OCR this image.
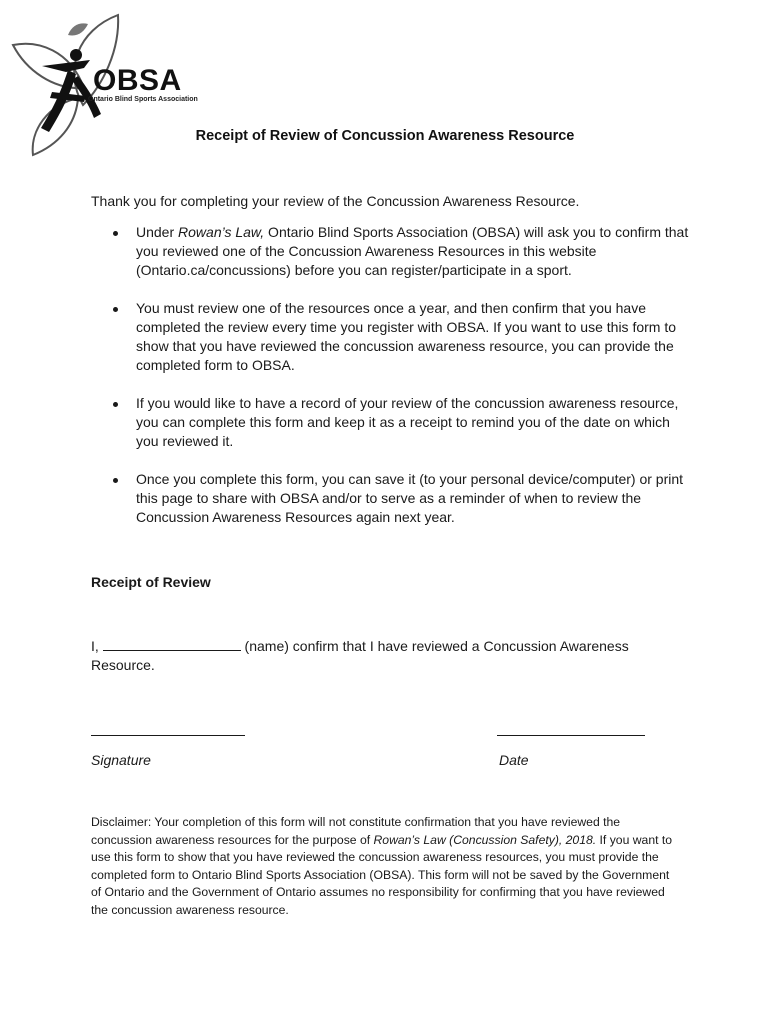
OBSA
Ontario Blind Sports Association
Receipt of Review of Concussion Awareness Resource
Thank you for completing your review of the Concussion Awareness Resource.
Under Rowan’s Law, Ontario Blind Sports Association (OBSA) will ask you to confirm that you reviewed one of the Concussion Awareness Resources in this website (Ontario.ca/concussions) before you can register/participate in a sport.
You must review one of the resources once a year, and then confirm that you have completed the review every time you register with OBSA. If you want to use this form to show that you have reviewed the concussion awareness resource, you can provide the completed form to OBSA.
If you would like to have a record of your review of the concussion awareness resource, you can complete this form and keep it as a receipt to remind you of the date on which you reviewed it.
Once you complete this form, you can save it (to your personal device/computer) or print this page to share with OBSA and/or to serve as a reminder of when to review the Concussion Awareness Resources again next year.
Receipt of Review
I,	(name) confirm that I have reviewed a Concussion Awareness Resource.
Signature	Date
Disclaimer: Your completion of this form will not constitute confirmation that you have reviewed the concussion awareness resources for the purpose of Rowan’s Law (Concussion Safety), 2018. If you want to use this form to show that you have reviewed the concussion awareness resources, you must provide the completed form to Ontario Blind Sports Association (OBSA). This form will not be saved by the Government of Ontario and the Government of Ontario assumes no responsibility for confirming that you have reviewed the concussion awareness resource.
